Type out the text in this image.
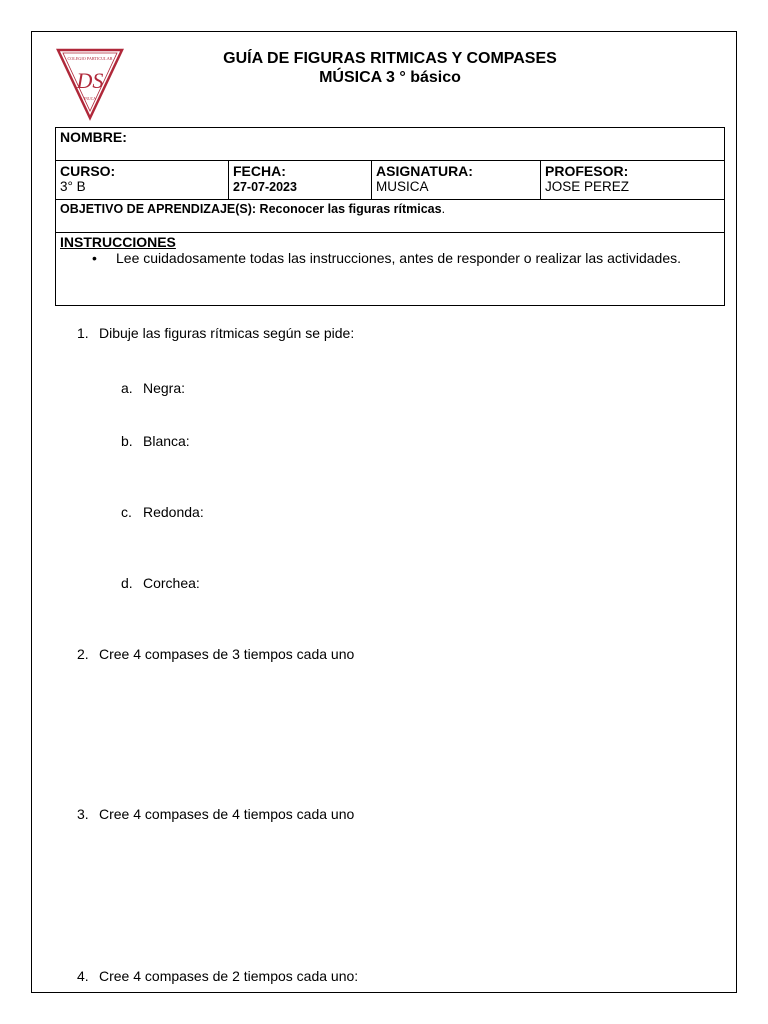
COLEGIO PARTICULAR
DS
INUCA
GUÍA DE FIGURAS RITMICAS Y COMPASES
MÚSICA 3 ° básico
NOMBRE:
CURSO:
3° B
FECHA:
27-07-2023
ASIGNATURA:
MUSICA
PROFESOR:
JOSE PEREZ
OBJETIVO DE APRENDIZAJE(S): Reconocer las figuras rítmicas.
INSTRUCCIONES
•	Lee cuidadosamente todas las instrucciones, antes de responder o realizar las actividades.
1. Dibuje las figuras rítmicas según se pide:
a. Negra:
b. Blanca:
c. Redonda:
d. Corchea:
2. Cree 4 compases de 3 tiempos cada uno
3. Cree 4 compases de 4 tiempos cada uno
4. Cree 4 compases de 2 tiempos cada uno:
